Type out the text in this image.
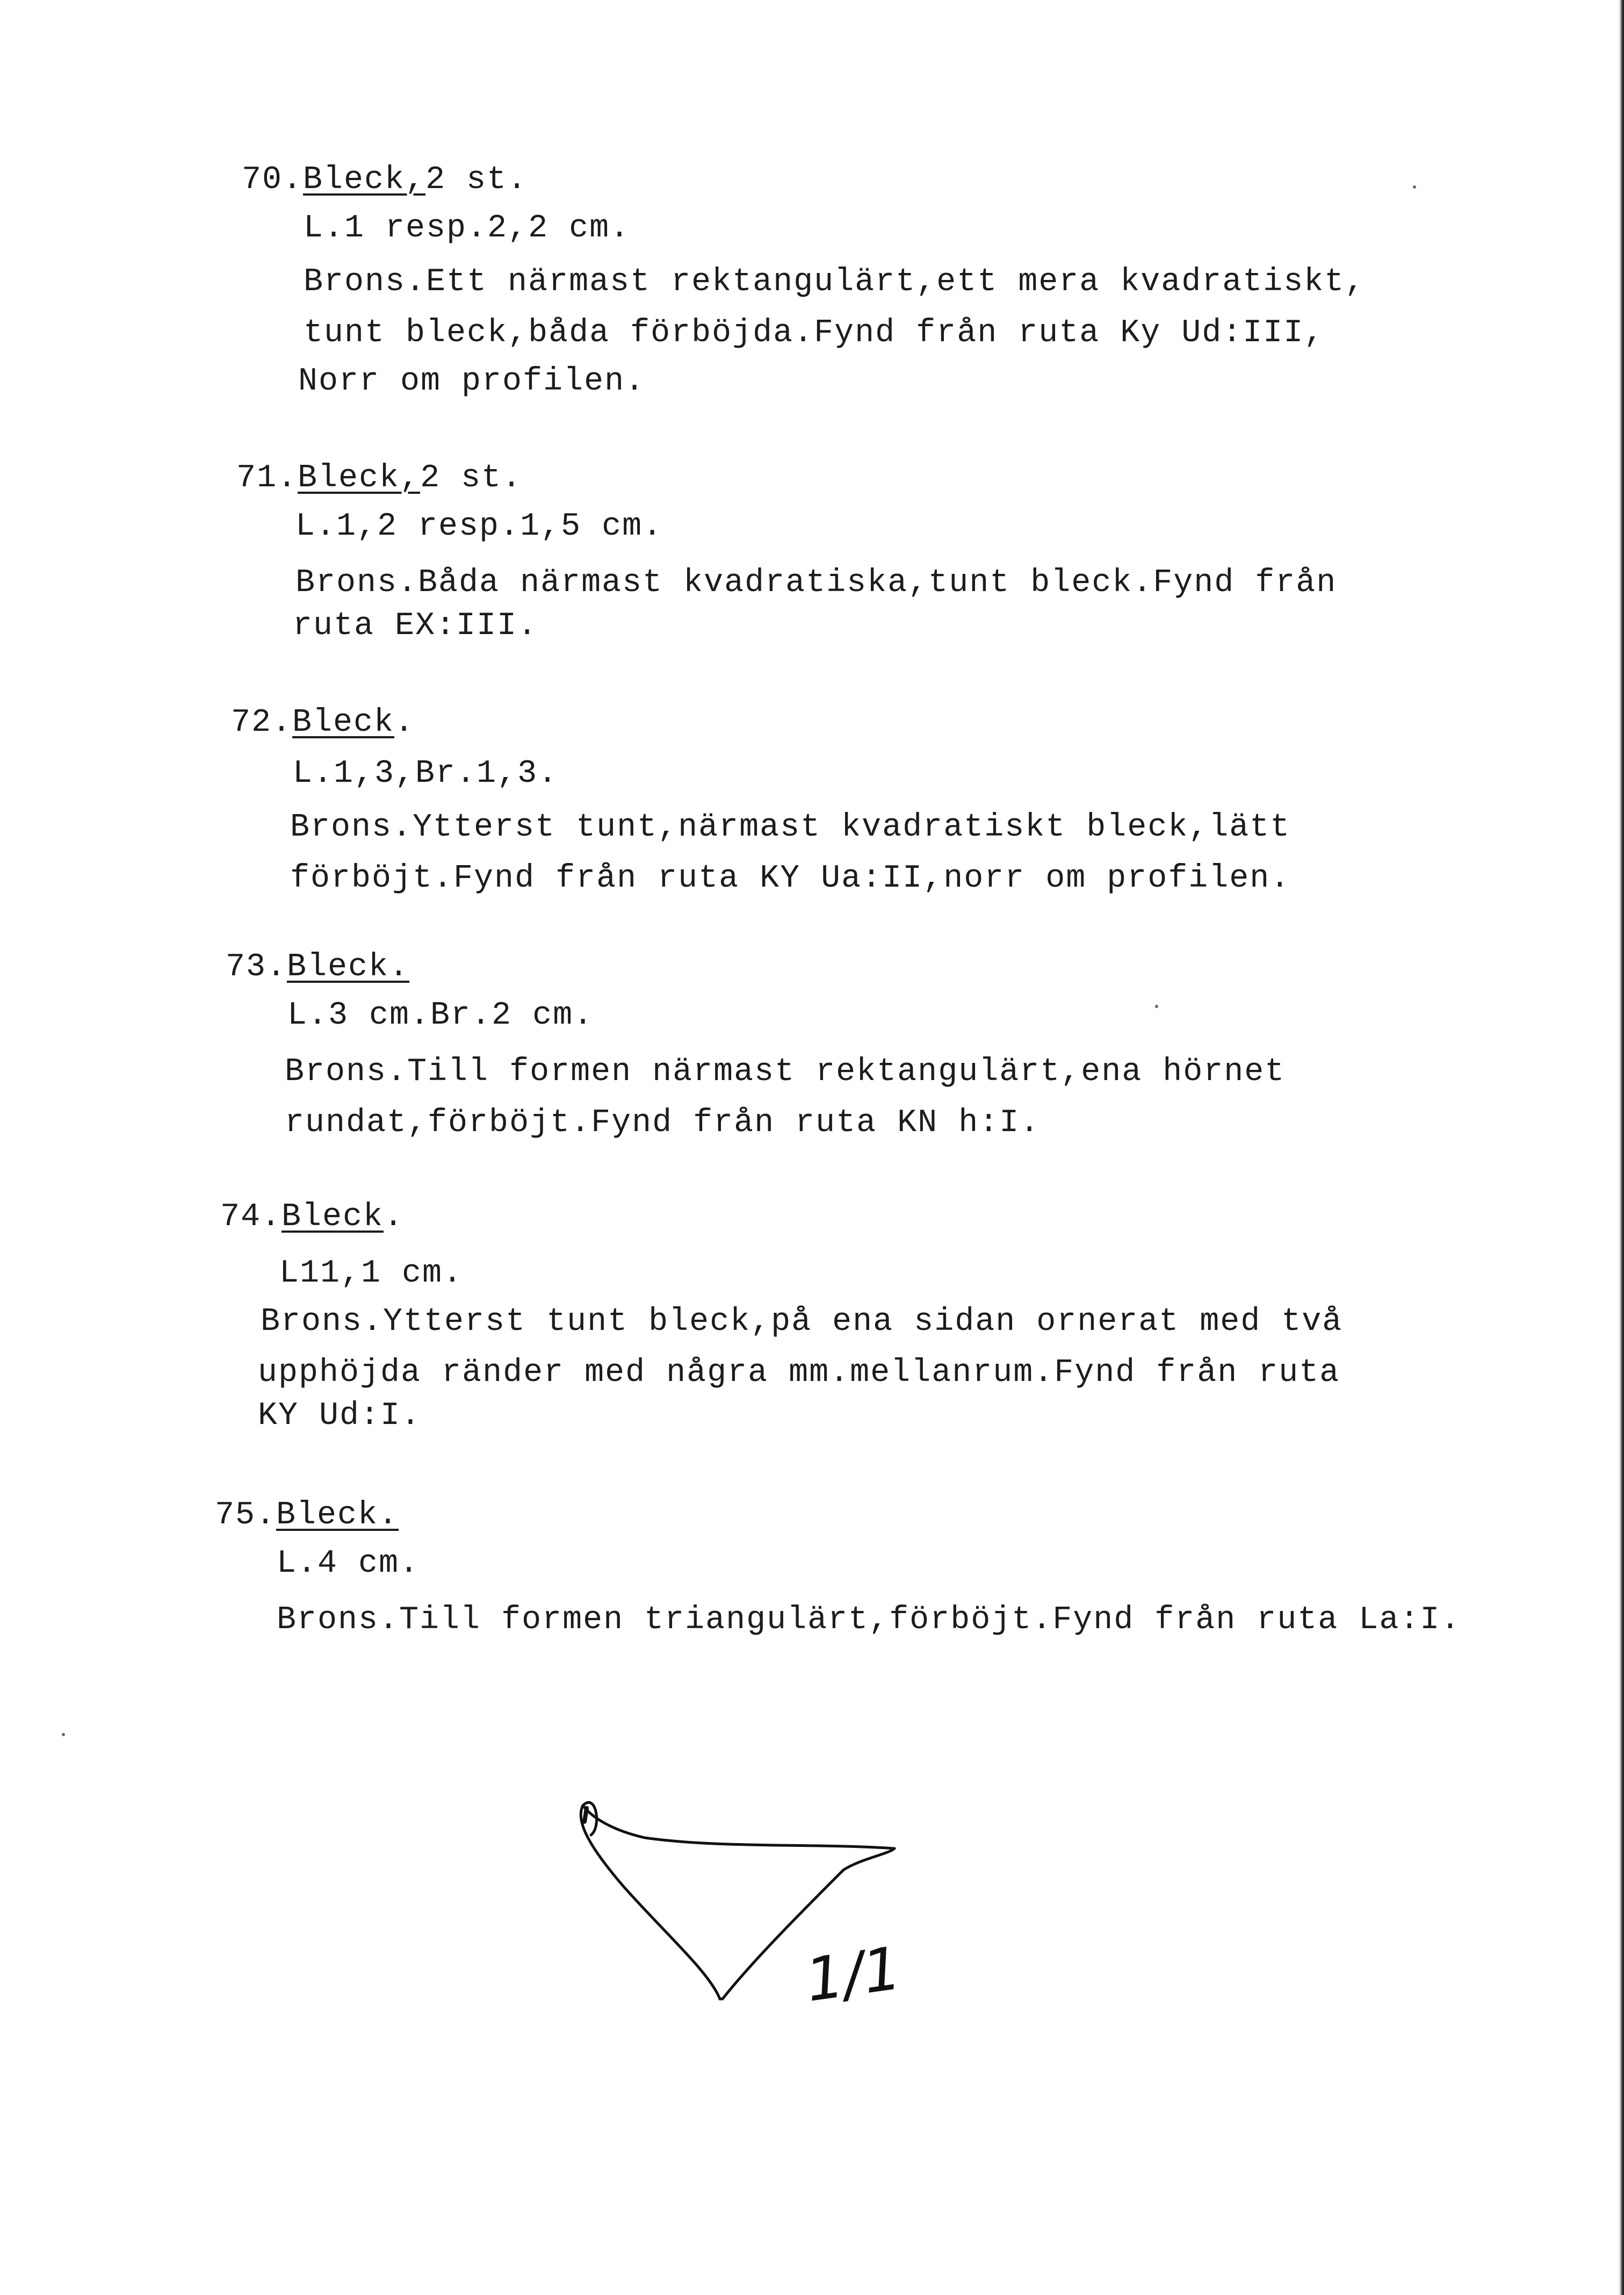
70.Bleck,2 st.
L.1 resp.2,2 cm.
Brons.Ett närmast rektangulärt,ett mera kvadratiskt,
tunt bleck,båda förböjda.Fynd från ruta Ky Ud:III,
Norr om profilen.
71.Bleck,2 st.
L.1,2 resp.1,5 cm.
Brons.Båda närmast kvadratiska,tunt bleck.Fynd från
ruta EX:III.
72.Bleck.
L.1,3,Br.1,3.
Brons.Ytterst tunt,närmast kvadratiskt bleck,lätt
förböjt.Fynd från ruta KY Ua:II,norr om profilen.
73.Bleck.
L.3 cm.Br.2 cm.
Brons.Till formen närmast rektangulärt,ena hörnet
rundat,förböjt.Fynd från ruta KN h:I.
74.Bleck.
L11,1 cm.
Brons.Ytterst tunt bleck,på ena sidan ornerat med två
upphöjda ränder med några mm.mellanrum.Fynd från ruta
KY Ud:I.
75.Bleck.
L.4 cm.
Brons.Till formen triangulärt,förböjt.Fynd från ruta La:I.
1/1
